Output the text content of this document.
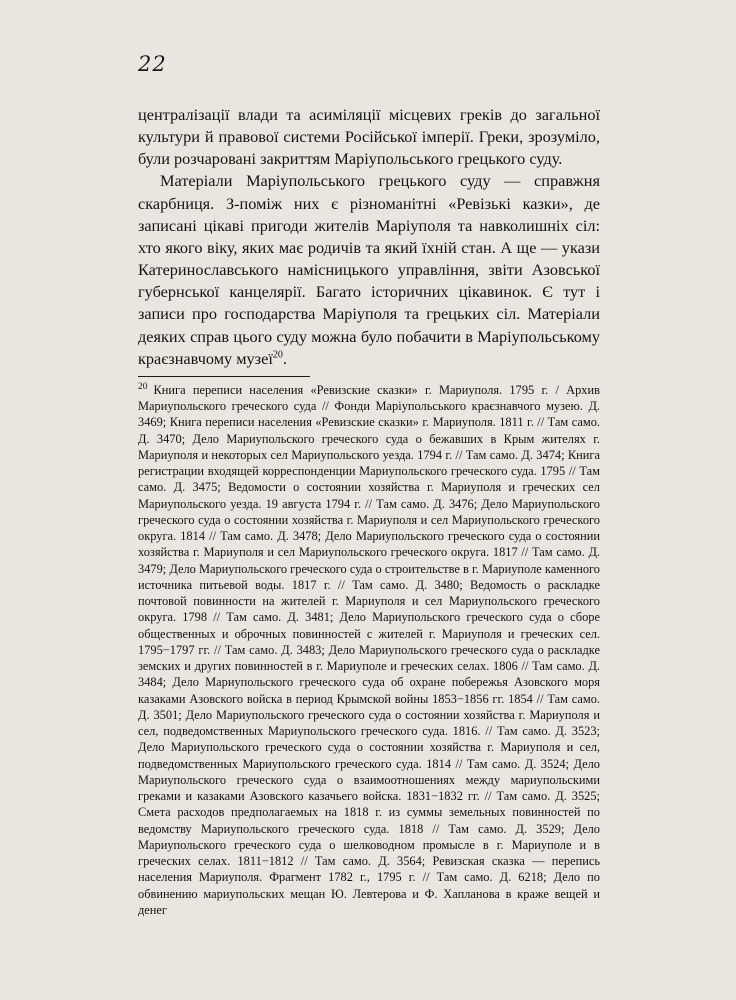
22

централізації влади та асиміляції місцевих греків до загальної культури й правової системи Російської імперії. Греки, зрозуміло, були розчаровані закриттям Маріупольського грецького суду.

Матеріали Маріупольського грецького суду — справжня скарбниця. З-поміж них є різноманітні «Ревізькі казки», де записані цікаві пригоди жителів Маріуполя та навколишніх сіл: хто якого віку, яких має родичів та який їхній стан. А ще — укази Катеринославського намісницького управління, звіти Азовської губернської канцелярії. Багато історичних цікавинок. Є тут і записи про господарства Маріуполя та грецьких сіл. Матеріали деяких справ цього суду можна було побачити в Маріупольському краєзнавчому музеї$^{20}$.

$^{20}$ Книга переписи населения «Ревизские сказки» г. Мариуполя. 1795 г. / Архив Мариупольского греческого суда // Фонди Маріупольського краєзнавчого музею. Д. 3469; Книга переписи населения «Ревизские сказки» г. Мариуполя. 1811 г. // Там само. Д. 3470; Дело Мариупольского греческого суда о бежавших в Крым жителях г. Мариуполя и некоторых сел Мариупольского уезда. 1794 г. // Там само. Д. 3474; Книга регистрации входящей корреспонденции Мариупольского греческого суда. 1795 // Там само. Д. 3475; Ведомости о состоянии хозяйства г. Мариуполя и греческих сел Мариупольского уезда. 19 августа 1794 г. // Там само. Д. 3476; Дело Мариупольского греческого суда о состоянии хозяйства г. Мариуполя и сел Мариупольского греческого округа. 1814 // Там само. Д. 3478; Дело Мариупольского греческого суда о состоянии хозяйства г. Мариуполя и сел Мариупольского греческого округа. 1817 // Там само. Д. 3479; Дело Мариупольского греческого суда о строительстве в г. Мариуполе каменного источника питьевой воды. 1817 г. // Там само. Д. 3480; Ведомость о раскладке почтовой повинности на жителей г. Мариуполя и сел Мариупольского греческого округа. 1798 // Там само. Д. 3481; Дело Мариупольского греческого суда о сборе общественных и оброчных повинностей с жителей г. Мариуполя и греческих сел. 1795−1797 гг. // Там само. Д. 3483; Дело Мариупольского греческого суда о раскладке земских и других повинностей в г. Мариуполе и греческих селах. 1806 // Там само. Д. 3484; Дело Мариупольского греческого суда об охране побережья Азовского моря казаками Азовского войска в период Крымской войны 1853−1856 гг. 1854 // Там само. Д. 3501; Дело Мариупольского греческого суда о состоянии хозяйства г. Мариуполя и сел, подведомственных Мариупольского греческого суда. 1816. // Там само. Д. 3523; Дело Мариупольского греческого суда о состоянии хозяйства г. Мариуполя и сел, подведомственных Мариупольского греческого суда. 1814 // Там само. Д. 3524; Дело Мариупольского греческого суда о взаимоотношениях между мариупольскими греками и казаками Азовского казачьего войска. 1831−1832 гг. // Там само. Д. 3525; Смета расходов предполагаемых на 1818 г. из суммы земельных повинностей по ведомству Мариупольского греческого суда. 1818 // Там само. Д. 3529; Дело Мариупольского греческого суда о шелководном промысле в г. Мариуполе и в греческих селах. 1811−1812 // Там само. Д. 3564; Ревизская сказка — перепись населения Мариуполя. Фрагмент 1782 г., 1795 г. // Там само. Д. 6218; Дело по обвинению мариупольских мещан Ю. Левтерова и Ф. Хапланова в краже вещей и денег
